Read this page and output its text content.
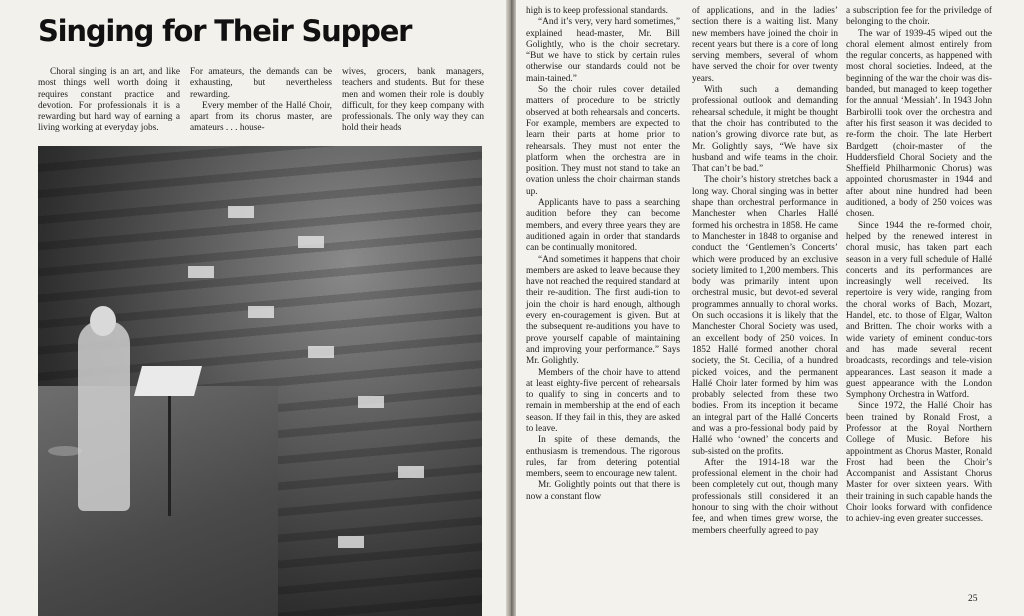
Singing for Their Supper

Choral singing is an art, and like most things well worth doing it requires constant practice and devotion. For professionals it is a rewarding but hard way of earning a living working at everyday jobs.

For amateurs, the demands can be exhausting, but nevertheless rewarding.

Every member of the Hallé Choir, apart from its chorus master, are amateurs . . . house-

wives, grocers, bank managers, teachers and students. But for these men and women their role is doubly difficult, for they keep company with professionals. The only way they can hold their heads

high is to keep professional standards.

“And it’s very, very hard sometimes,” explained head-master, Mr. Bill Golightly, who is the choir secretary. “But we have to stick by certain rules otherwise our standards could not be main-tained.”

So the choir rules cover detailed matters of procedure to be strictly observed at both rehearsals and concerts. For example, members are expected to learn their parts at home prior to rehearsals. They must not enter the platform when the orchestra are in position. They must not stand to take an ovation unless the choir chairman stands up.

Applicants have to pass a searching audition before they can become members, and every three years they are auditioned again in order that standards can be continually monitored.

“And sometimes it happens that choir members are asked to leave because they have not reached the required standard at their re-audition. The first audi-tion to join the choir is hard enough, although every en-couragement is given. But at the subsequent re-auditions you have to prove yourself capable of maintaining and improving your performance.” Says Mr. Golightly.

Members of the choir have to attend at least eighty-five percent of rehearsals to qualify to sing in concerts and to remain in membership at the end of each season. If they fail in this, they are asked to leave.

In spite of these demands, the enthusiasm is tremendous. The rigorous rules, far from detering potential members, seem to encourage new talent.

Mr. Golightly points out that there is now a constant flow

of applications, and in the ladies’ section there is a waiting list. Many new members have joined the choir in recent years but there is a core of long serving members, several of whom have served the choir for over twenty years.

With such a demanding professional outlook and demanding rehearsal schedule, it might be thought that the choir has contributed to the nation’s growing divorce rate but, as Mr. Golightly says, “We have six husband and wife teams in the choir. That can’t be bad.”

The choir’s history stretches back a long way. Choral singing was in better shape than orchestral performance in Manchester when Charles Hallé formed his orchestra in 1858. He came to Manchester in 1848 to organise and conduct the ‘Gentlemen’s Concerts’ which were produced by an exclusive society limited to 1,200 members. This body was primarily intent upon orchestral music, but devot-ed several programmes annually to choral works. On such occasions it is likely that the Manchester Choral Society was used, an excellent body of 250 voices. In 1852 Hallé formed another choral society, the St. Cecilia, of a hundred picked voices, and the permanent Hallé Choir later formed by him was probably selected from these two bodies. From its inception it became an integral part of the Hallé Concerts and was a pro-fessional body paid by Hallé who ‘owned’ the concerts and sub-sisted on the profits.

After the 1914-18 war the professional element in the choir had been completely cut out, though many professionals still considered it an honour to sing with the choir without fee, and when times grew worse, the members cheerfully agreed to pay

a subscription fee for the priviledge of belonging to the choir.

The war of 1939-45 wiped out the choral element almost entirely from the regular concerts, as happened with most choral societies. Indeed, at the beginning of the war the choir was dis-banded, but managed to keep together for the annual ‘Messiah’. In 1943 John Barbirolli took over the orchestra and after his first season it was decided to re-form the choir. The late Herbert Bardgett (choir-master of the Huddersfield Choral Society and the Sheffield Philharmonic Chorus) was appointed chorusmaster in 1944 and after about nine hundred had been auditioned, a body of 250 voices was chosen.

Since 1944 the re-formed choir, helped by the renewed interest in choral music, has taken part each season in a very full schedule of Hallé concerts and its performances are increasingly well received. Its repertoire is very wide, ranging from the choral works of Bach, Mozart, Handel, etc. to those of Elgar, Walton and Britten. The choir works with a wide variety of eminent conduc-tors and has made several recent broadcasts, recordings and tele-vision appearances. Last season it made a guest appearance with the London Symphony Orchestra in Watford.

Since 1972, the Hallé Choir has been trained by Ronald Frost, a Professor at the Royal Northern College of Music. Before his appointment as Chorus Master, Ronald Frost had been the Choir’s Accompanist and Assistant Chorus Master for over sixteen years. With their training in such capable hands the Choir looks forward with confidence to achiev-ing even greater successes.

25
